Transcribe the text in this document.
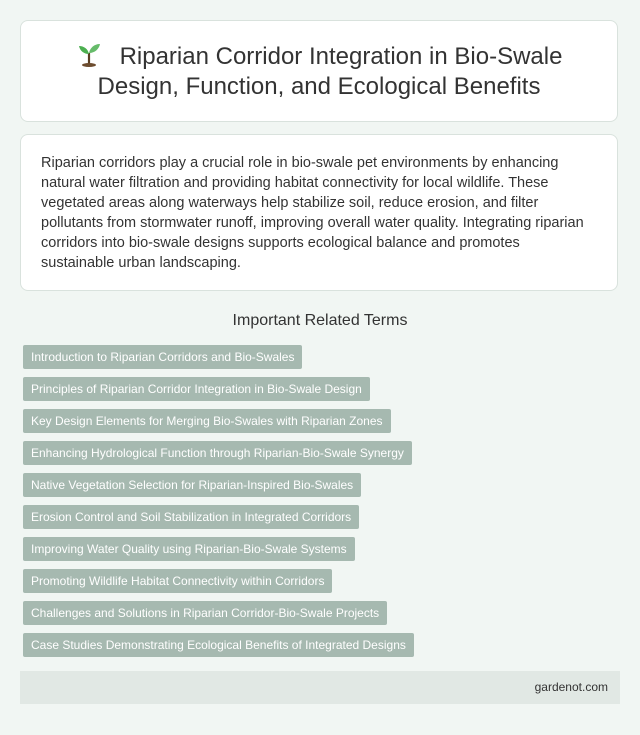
Riparian Corridor Integration in Bio-Swale Design, Function, and Ecological Benefits

Riparian corridors play a crucial role in bio-swale pet environments by enhancing natural water filtration and providing habitat connectivity for local wildlife. These vegetated areas along waterways help stabilize soil, reduce erosion, and filter pollutants from stormwater runoff, improving overall water quality. Integrating riparian corridors into bio-swale designs supports ecological balance and promotes sustainable urban landscaping.

Important Related Terms
Introduction to Riparian Corridors and Bio-Swales
Principles of Riparian Corridor Integration in Bio-Swale Design
Key Design Elements for Merging Bio-Swales with Riparian Zones
Enhancing Hydrological Function through Riparian-Bio-Swale Synergy
Native Vegetation Selection for Riparian-Inspired Bio-Swales
Erosion Control and Soil Stabilization in Integrated Corridors
Improving Water Quality using Riparian-Bio-Swale Systems
Promoting Wildlife Habitat Connectivity within Corridors
Challenges and Solutions in Riparian Corridor-Bio-Swale Projects
Case Studies Demonstrating Ecological Benefits of Integrated Designs
gardenot.com
